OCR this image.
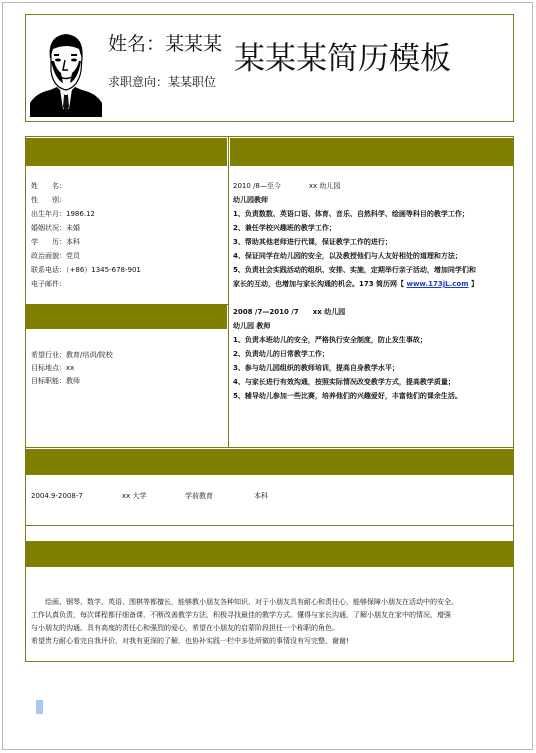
姓名：某某某 某某某简历模板
求职意向：某某职位
姓　　名：
性　　别：
出生年月：1986.12
婚姻状况：未婚
学　　历：本科
政治面貌：党员
联系电话：（+86）1345-678-901
电子邮件：
希望行业：教育/培训/院校
目标地点：xx
目标职能：教师
2010 /8—至今　　　　xx 幼儿园
幼儿园教师
1、负责数数、英语口语、体育、音乐、自然科学、绘画等科目的教学工作；
2、兼任学校兴趣班的教学工作；
3、帮助其他老师进行代课，保证教学工作的进行；
4、保证同学在幼儿园的安全，以及教授他们与人友好相处的道理和方法；
5、负责社会实践活动的组织、安排、实施，定期举行亲子活动，增加同学们和
家长的互动，也增加与家长沟通的机会。173 简历网【 www.173jL.com 】
2008 /7—2010 /7　　xx 幼儿园
幼儿园 教师
1、负责本班幼儿的安全，严格执行安全制度，防止发生事故；
2、负责幼儿的日常教学工作；
3、参与幼儿园组织的教师培训，提高自身教学水平；
4、与家长进行有效沟通，按照实际情况改变教学方式，提高教学质量；
5、辅导幼儿参加一些比赛，培养他们的兴趣爱好，丰富他们的课余生活。
2004.9-2008-7	xx 大学	学前教育	本科
　　绘画、钢琴、数学、英语、围棋等都擅长，能够教小朋友各种知识，对于小朋友具有耐心和责任心，能够保障小朋友在活动中的安全。
工作认真负责，每次课程都仔细备课，不断改善教学方法，积极寻找最佳的教学方式。懂得与家长沟通，了解小朋友在家中的情况，增强
与小朋友的沟通。具有高度的责任心和强烈的爱心，希望在小朋友的启蒙阶段担任一个称职的角色。
希望贵方耐心看完自我评价，对我有更深的了解，也协补实践一栏中多处所做的事情没有写完整，谢谢!
